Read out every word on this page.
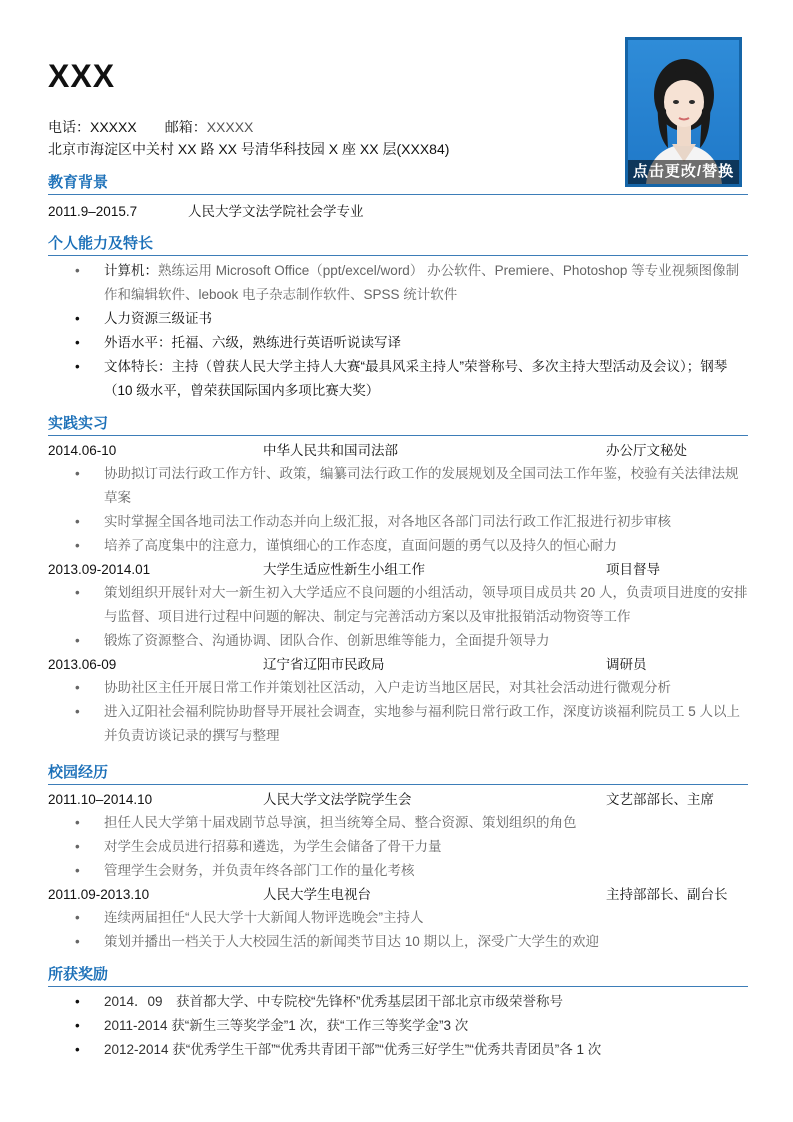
XXX
电话：XXXXX 邮箱：XXXXX
北京市海淀区中关村 XX 路 XX 号清华科技园 X 座 XX 层(XXX84)
点击更改/替换
教育背景
2011.9–2015.7	人民大学文法学院社会学专业
个人能力及特长
• 计算机：熟练运用 Microsoft Office（ppt/excel/word） 办公软件、Premiere、Photoshop 等专业视频图像制作和编辑软件、lebook 电子杂志制作软件、SPSS 统计软件
• 人力资源三级证书
• 外语水平：托福、六级，熟练进行英语听说读写译
• 文体特长：主持（曾获人民大学主持人大赛“最具风采主持人”荣誉称号、多次主持大型活动及会议）；钢琴（10 级水平，曾荣获国际国内多项比赛大奖）
实践实习
2014.06-10	中华人民共和国司法部	办公厅文秘处
• 协助拟订司法行政工作方针、政策，编纂司法行政工作的发展规划及全国司法工作年鉴，校验有关法律法规草案
• 实时掌握全国各地司法工作动态并向上级汇报，对各地区各部门司法行政工作汇报进行初步审核
• 培养了高度集中的注意力，谨慎细心的工作态度，直面问题的勇气以及持久的恒心耐力
2013.09-2014.01	大学生适应性新生小组工作	项目督导
• 策划组织开展针对大一新生初入大学适应不良问题的小组活动，领导项目成员共 20 人，负责项目进度的安排与监督、项目进行过程中问题的解决、制定与完善活动方案以及审批报销活动物资等工作
• 锻炼了资源整合、沟通协调、团队合作、创新思维等能力，全面提升领导力
2013.06-09	辽宁省辽阳市民政局	调研员
• 协助社区主任开展日常工作并策划社区活动，入户走访当地区居民，对其社会活动进行微观分析
• 进入辽阳社会福利院协助督导开展社会调查，实地参与福利院日常行政工作，深度访谈福利院员工 5 人以上并负责访谈记录的撰写与整理
校园经历
2011.10–2014.10	人民大学文法学院学生会	文艺部部长、主席
• 担任人民大学第十届戏剧节总导演，担当统筹全局、整合资源、策划组织的角色
• 对学生会成员进行招募和遴选，为学生会储备了骨干力量
• 管理学生会财务，并负责年终各部门工作的量化考核
2011.09-2013.10	人民大学生电视台	主持部部长、副台长
• 连续两届担任“人民大学十大新闻人物评选晚会”主持人
• 策划并播出一档关于人大校园生活的新闻类节目达 10 期以上，深受广大学生的欢迎
所获奖励
• 2014．09　获首都大学、中专院校“先锋杯”优秀基层团干部北京市级荣誉称号
• 2011-2014 获“新生三等奖学金”1 次，获“工作三等奖学金”3 次
• 2012-2014 获“优秀学生干部”“优秀共青团干部”“优秀三好学生”“优秀共青团员”各 1 次
